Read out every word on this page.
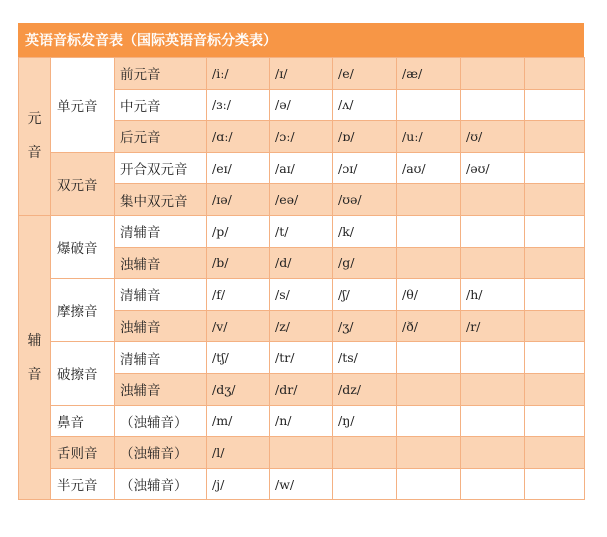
英语音标发音表（国际英语音标分类表）
元音	单元音	前元音	/iː/	/ɪ/	/e/	/æ/		
		中元音	/ɜː/	/ə/	/ʌ/			
		后元音	/ɑː/	/ɔː/	/ɒ/	/uː/	/ʊ/	
	双元音	开合双元音	/eɪ/	/aɪ/	/ɔɪ/	/aʊ/	/əʊ/	
		集中双元音	/ɪə/	/eə/	/ʊə/			
辅音	爆破音	清辅音	/p/	/t/	/k/			
		浊辅音	/b/	/d/	/g/			
	摩擦音	清辅音	/f/	/s/	/ʃ/	/θ/	/h/	
		浊辅音	/v/	/z/	/ʒ/	/ð/	/r/	
	破擦音	清辅音	/tʃ/	/tr/	/ts/			
		浊辅音	/dʒ/	/dr/	/dz/			
	鼻音	（浊辅音）	/m/	/n/	/ŋ/			
	舌则音	（浊辅音）	/l/					
	半元音	（浊辅音）	/j/	/w/				
